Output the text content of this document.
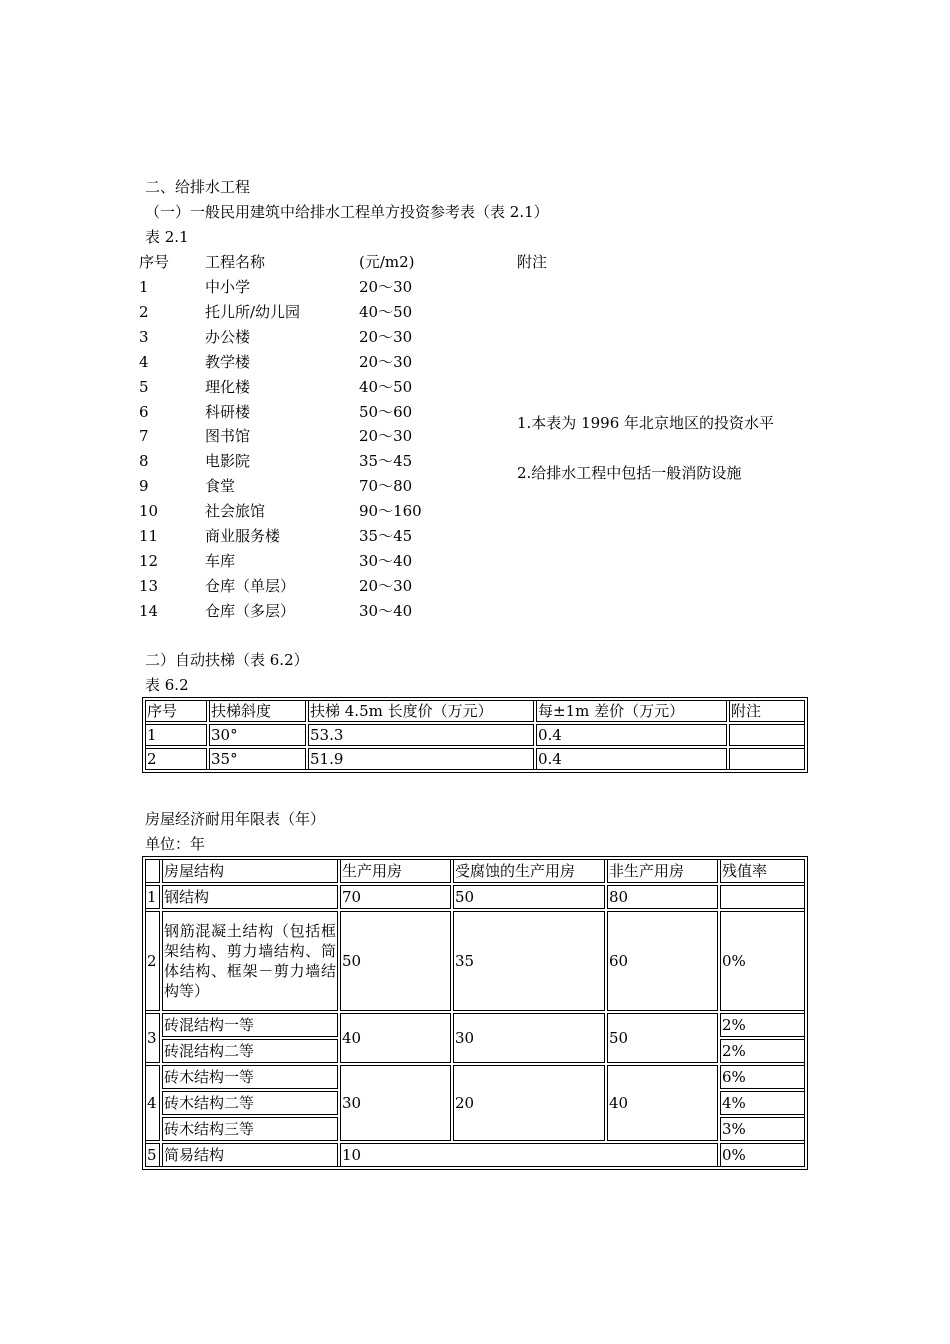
二、给排水工程
（一）一般民用建筑中给排水工程单方投资参考表（表 2.1）
表 2.1
序号 工程名称	(元/m2)	附注
1.本表为 1996 年北京地区的投资水平
2.给排水工程中包括一般消防设施
1	中小学	20～30
2	托儿所/幼儿园	40～50
3	办公楼	20～30
4	教学楼	20～30
5	理化楼	40～50
6	科研楼	50～60
7	图书馆	20～30
8	电影院	35～45
9	食堂	70～80
10	社会旅馆	90～160
11	商业服务楼	35～45
12	车库	30～40
13	仓库（单层）	20～30
14	仓库（多层）	30～40
二）自动扶梯（表 6.2）
表 6.2
序号	扶梯斜度	扶梯 4.5m 长度价（万元）	每±1m 差价（万元）	附注
1	30°	53.3	0.4	
2	35°	51.9	0.4	
房屋经济耐用年限表（年）
单位：年
	房屋结构	生产用房	受腐蚀的生产用房	非生产用房	残值率
1	钢结构	70	50	80	
2	钢筋混凝土结构（包括框架结构、剪力墙结构、筒体结构、框架－剪力墙结构等）	50	35	60	0%
3	砖混结构一等	40	30	50	2%
	砖混结构二等				2%
4	砖木结构一等	30	20	40	6%
	砖木结构二等				4%
	砖木结构三等				3%
5	简易结构	10			0%
